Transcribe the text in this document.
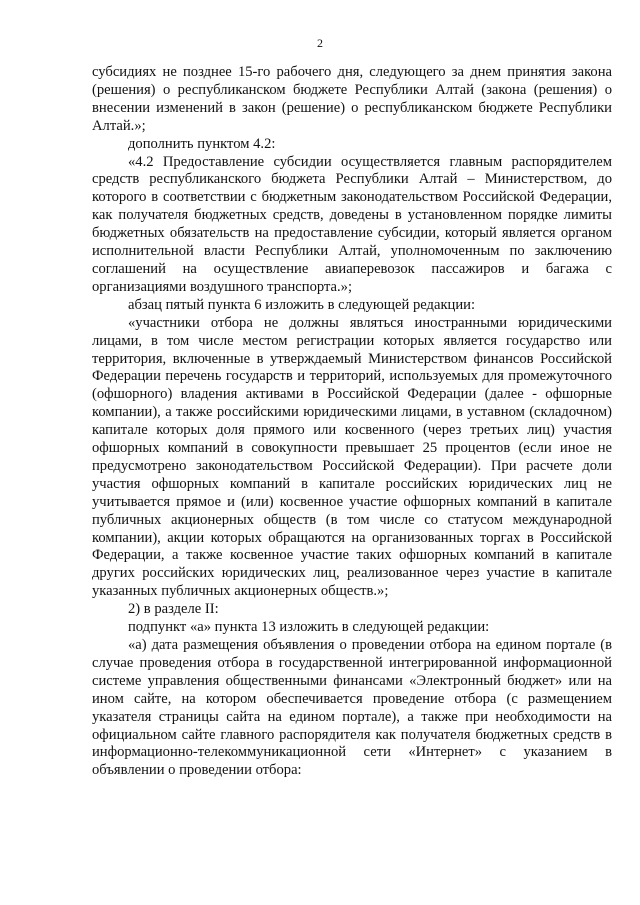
2

субсидиях не позднее 15-го рабочего дня, следующего за днем принятия закона (решения) о республиканском бюджете Республики Алтай (закона (решения) о внесении изменений в закон (решение) о республиканском бюджете Республики Алтай.»;

дополнить пунктом 4.2:

«4.2 Предоставление субсидии осуществляется главным распорядителем средств республиканского бюджета Республики Алтай – Министерством, до которого в соответствии с бюджетным законодательством Российской Федерации, как получателя бюджетных средств, доведены в установленном порядке лимиты бюджетных обязательств на предоставление субсидии, который является органом исполнительной власти Республики Алтай, уполномоченным по заключению соглашений на осуществление авиаперевозок пассажиров и багажа с организациями воздушного транспорта.»;

абзац пятый пункта 6 изложить в следующей редакции:

«участники отбора не должны являться иностранными юридическими лицами, в том числе местом регистрации которых является государство или территория, включенные в утверждаемый Министерством финансов Российской Федерации перечень государств и территорий, используемых для промежуточного (офшорного) владения активами в Российской Федерации (далее - офшорные компании), а также российскими юридическими лицами, в уставном (складочном) капитале которых доля прямого или косвенного (через третьих лиц) участия офшорных компаний в совокупности превышает 25 процентов (если иное не предусмотрено законодательством Российской Федерации). При расчете доли участия офшорных компаний в капитале российских юридических лиц не учитывается прямое и (или) косвенное участие офшорных компаний в капитале публичных акционерных обществ (в том числе со статусом международной компании), акции которых обращаются на организованных торгах в Российской Федерации, а также косвенное участие таких офшорных компаний в капитале других российских юридических лиц, реализованное через участие в капитале указанных публичных акционерных обществ.»;

2) в разделе II:

подпункт «а» пункта 13 изложить в следующей редакции:

«а) дата размещения объявления о проведении отбора на едином портале (в случае проведения отбора в государственной интегрированной информационной системе управления общественными финансами «Электронный бюджет» или на ином сайте, на котором обеспечивается проведение отбора (с размещением указателя страницы сайта на едином портале), а также при необходимости на официальном сайте главного распорядителя как получателя бюджетных средств в информационно-телекоммуникационной сети «Интернет» с указанием в объявлении о проведении отбора:
